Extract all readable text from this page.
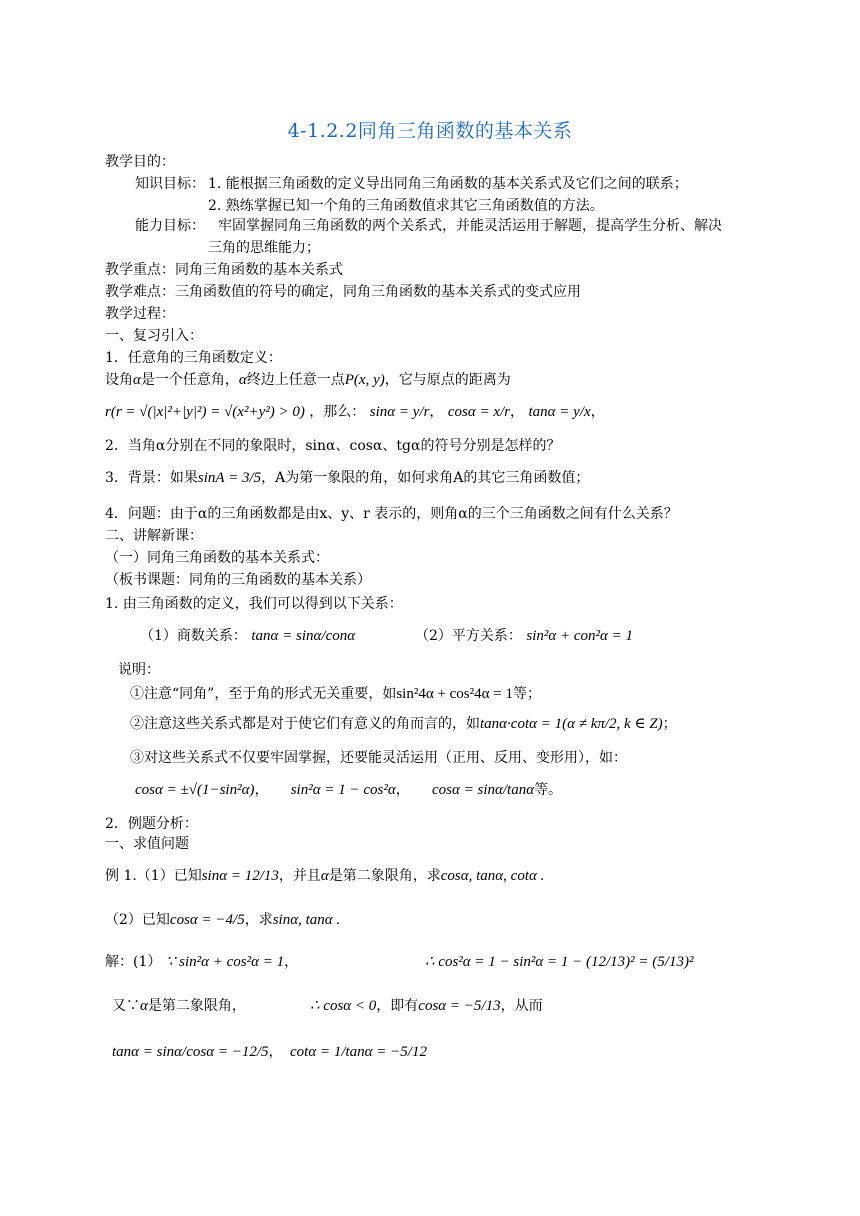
4-1.2.2同角三角函数的基本关系
教学目的：
知识目标： 1. 能根据三角函数的定义导出同角三角函数的基本关系式及它们之间的联系；
2. 熟练掌握已知一个角的三角函数值求其它三角函数值的方法。
能力目标： 牢固掌握同角三角函数的两个关系式，并能灵活运用于解题，提高学生分析、解决
三角的思维能力；
教学重点：同角三角函数的基本关系式
教学难点：三角函数值的符号的确定，同角三角函数的基本关系式的变式应用
教学过程：
一、复习引入：
1．任意角的三角函数定义：
设角α是一个任意角，α终边上任意一点P(x, y)，它与原点的距离为
r(r = √(|x|²+|y|²) = √(x²+y²) > 0) ，那么： sinα = y/r， cosα = x/r， tanα = y/x，
2．当角α分别在不同的象限时，sinα、cosα、tgα的符号分别是怎样的？
3．背景：如果sinA = 3/5，A为第一象限的角，如何求角A的其它三角函数值；
4．问题：由于α的三角函数都是由x、y、r 表示的，则角α的三个三角函数之间有什么关系？
二、讲解新课：
（一）同角三角函数的基本关系式：
（板书课题：同角的三角函数的基本关系）
1. 由三角函数的定义，我们可以得到以下关系：
（1）商数关系： tanα = sinα/conα	（2）平方关系： sin²α + con²α = 1
说明：
①注意“同角”，至于角的形式无关重要，如sin²4α + cos²4α = 1等；
②注意这些关系式都是对于使它们有意义的角而言的，如tanα·cotα = 1(α ≠ kπ/2, k ∈ Z)；
③对这些关系式不仅要牢固掌握，还要能灵活运用（正用、反用、变形用），如：
cosα = ±√(1−sin²α)，     sin²α = 1 − cos²α，     cosα = sinα/tanα等。
2．例题分析：
一、求值问题
例 1.（1）已知sinα = 12/13，并且α是第二象限角，求cosα, tanα, cotα .
（2）已知cosα = −4/5，求sinα, tanα .
解：(1） ∵ sin²α + cos²α = 1，	∴ cos²α = 1 − sin²α = 1 − (12/13)² = (5/13)²
又∵α是第二象限角，	∴ cosα < 0，即有cosα = −5/13，从而
tanα = sinα/cosα = −12/5， cotα = 1/tanα = −5/12
